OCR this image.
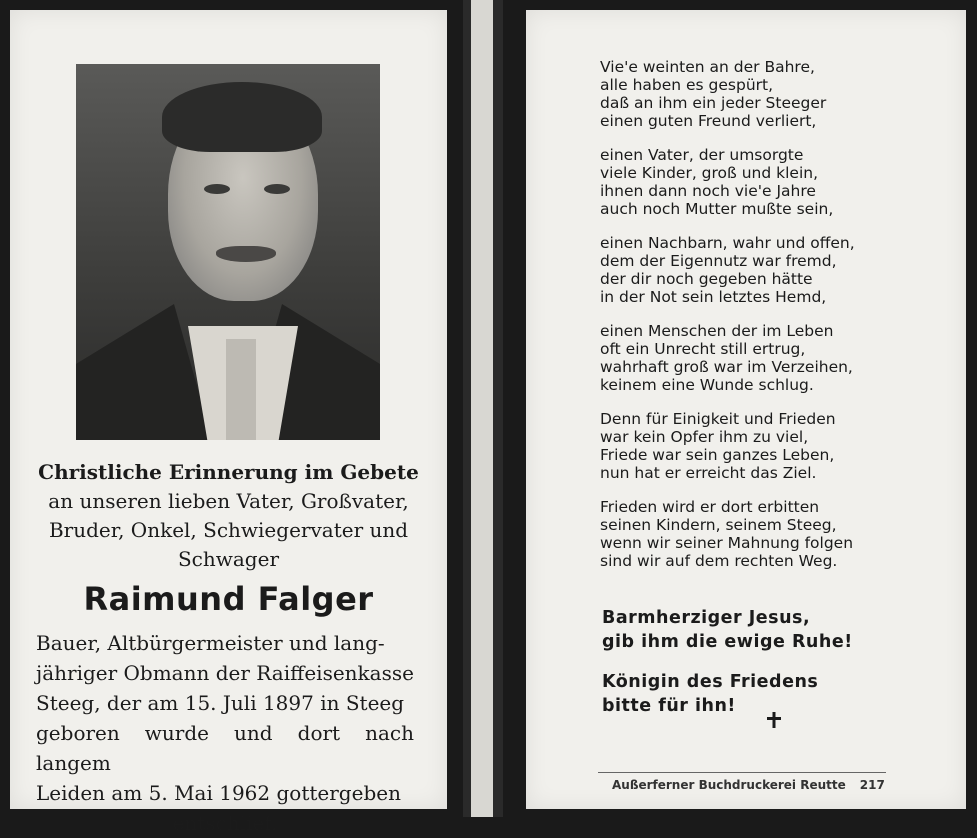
Christliche Erinnerung im Gebete
an unseren lieben Vater, Großvater,
Bruder, Onkel, Schwiegervater und
Schwager
Raimund Falger
Bauer, Altbürgermeister und lang-
jähriger Obmann der Raiffeisenkasse
Steeg, der am 15. Juli 1897 in Steeg
geboren wurde und dort nach langem
Leiden am 5. Mai 1962 gottergeben
entschlief.
Vie'e weinten an der Bahre,
alle haben es gespürt,
daß an ihm ein jeder Steeger
einen guten Freund verliert,
einen Vater, der umsorgte
viele Kinder, groß und klein,
ihnen dann noch vie'e Jahre
auch noch Mutter mußte sein,
einen Nachbarn, wahr und offen,
dem der Eigennutz war fremd,
der dir noch gegeben hätte
in der Not sein letztes Hemd,
einen Menschen der im Leben
oft ein Unrecht still ertrug,
wahrhaft groß war im Verzeihen,
keinem eine Wunde schlug.
Denn für Einigkeit und Frieden
war kein Opfer ihm zu viel,
Friede war sein ganzes Leben,
nun hat er erreicht das Ziel.
Frieden wird er dort erbitten
seinen Kindern, seinem Steeg,
wenn wir seiner Mahnung folgen
sind wir auf dem rechten Weg.
Barmherziger Jesus,
gib ihm die ewige Ruhe!
Königin des Friedens
bitte für ihn!
Außerferner Buchdruckerei Reutte 217
